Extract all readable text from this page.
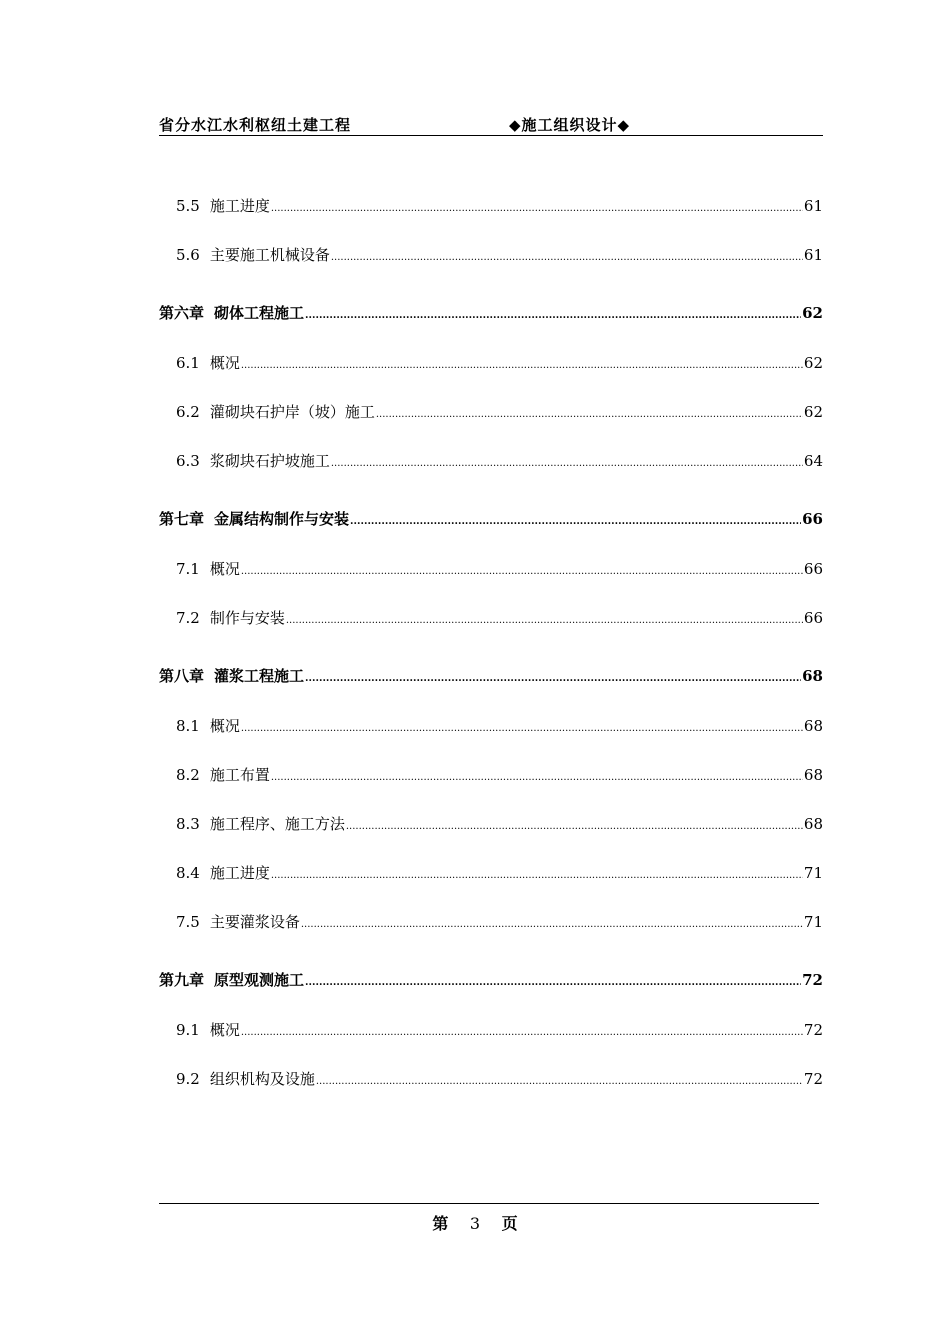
省分水江水利枢纽土建工程	◆施工组织设计◆
5.5 施工进度 .....	61
5.6 主要施工机械设备 .....	61
第六章 砌体工程施工 .....	62
6.1 概况 .....	62
6.2 灌砌块石护岸（坡）施工 .....	62
6.3 浆砌块石护坡施工 .....	64
第七章 金属结构制作与安装 .....	66
7.1 概况 .....	66
7.2 制作与安装 .....	66
第八章 灌浆工程施工 .....	68
8.1 概况 .....	68
8.2 施工布置 .....	68
8.3 施工程序、施工方法 .....	68
8.4 施工进度 .....	71
7.5 主要灌浆设备 .....	71
第九章 原型观测施工 .....	72
9.1 概况 .....	72
9.2 组织机构及设施 .....	72
第 3 页
